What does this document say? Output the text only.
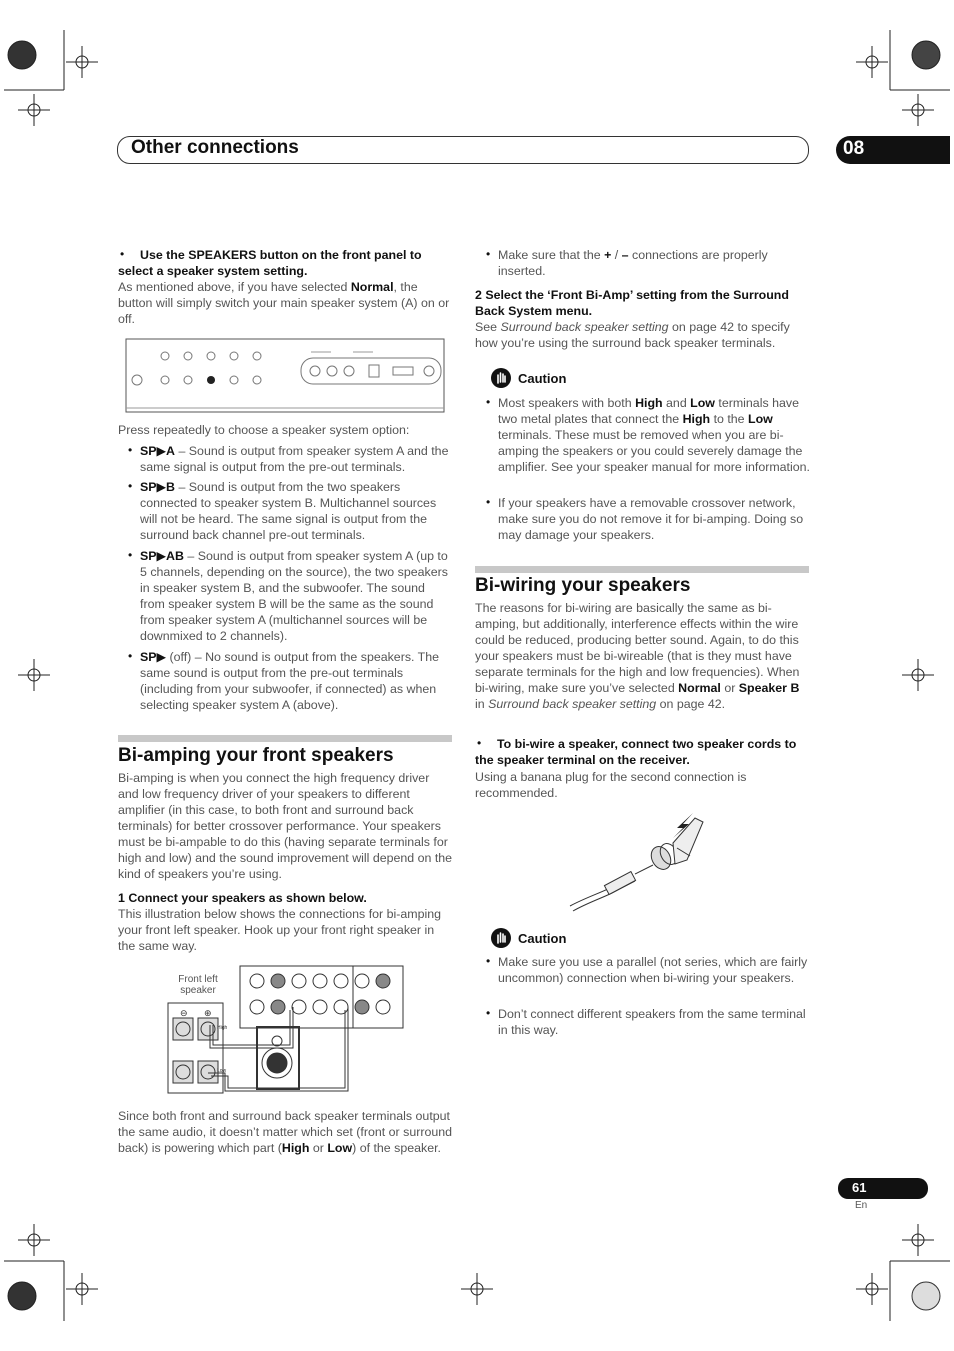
Other connections	08
•	Use the SPEAKERS button on the front panel to select a speaker system setting.
As mentioned above, if you have selected Normal, the button will simply switch your main speaker system (A) on or off.
Press repeatedly to choose a speaker system option:
• SP▶A – Sound is output from speaker system A and the same signal is output from the pre-out terminals.
• SP▶B – Sound is output from the two speakers connected to speaker system B. Multichannel sources will not be heard. The same signal is output from the surround back channel pre-out terminals.
• SP▶AB – Sound is output from speaker system A (up to 5 channels, depending on the source), the two speakers in speaker system B, and the subwoofer. The sound from speaker system B will be the same as the sound from speaker system A (multichannel sources will be downmixed to 2 channels).
• SP▶ (off) – No sound is output from the speakers. The same sound is output from the pre-out terminals (including from your subwoofer, if connected) as when selecting speaker system A (above).
Bi-amping your front speakers
Bi-amping is when you connect the high frequency driver and low frequency driver of your speakers to different amplifier (in this case, to both front and surround back terminals) for better crossover performance. Your speakers must be bi-ampable to do this (having separate terminals for high and low) and the sound improvement will depend on the kind of speakers you’re using.
1 Connect your speakers as shown below.
This illustration below shows the connections for bi-amping your front left speaker. Hook up your front right speaker in the same way.
Front left
speaker
⊖ ⊕
High
Low
Since both front and surround back speaker terminals output the same audio, it doesn’t matter which set (front or surround back) is powering which part (High or Low) of the speaker.
• Make sure that the + / – connections are properly inserted.
2 Select the ‘Front Bi-Amp’ setting from the Surround Back System menu.
See Surround back speaker setting on page 42 to specify how you’re using the surround back speaker terminals.
Caution
• Most speakers with both High and Low terminals have two metal plates that connect the High to the Low terminals. These must be removed when you are bi-amping the speakers or you could severely damage the amplifier. See your speaker manual for more information.
• If your speakers have a removable crossover network, make sure you do not remove it for bi-amping. Doing so may damage your speakers.
Bi-wiring your speakers
The reasons for bi-wiring are basically the same as bi-amping, but additionally, interference effects within the wire could be reduced, producing better sound. Again, to do this your speakers must be bi-wireable (that is they must have separate terminals for the high and low frequencies). When bi-wiring, make sure you’ve selected Normal or Speaker B in Surround back speaker setting on page 42.
•	To bi-wire a speaker, connect two speaker cords to the speaker terminal on the receiver.
Using a banana plug for the second connection is recommended.
Caution
• Make sure you use a parallel (not series, which are fairly uncommon) connection when bi-wiring your speakers.
• Don’t connect different speakers from the same terminal in this way.
61
En
